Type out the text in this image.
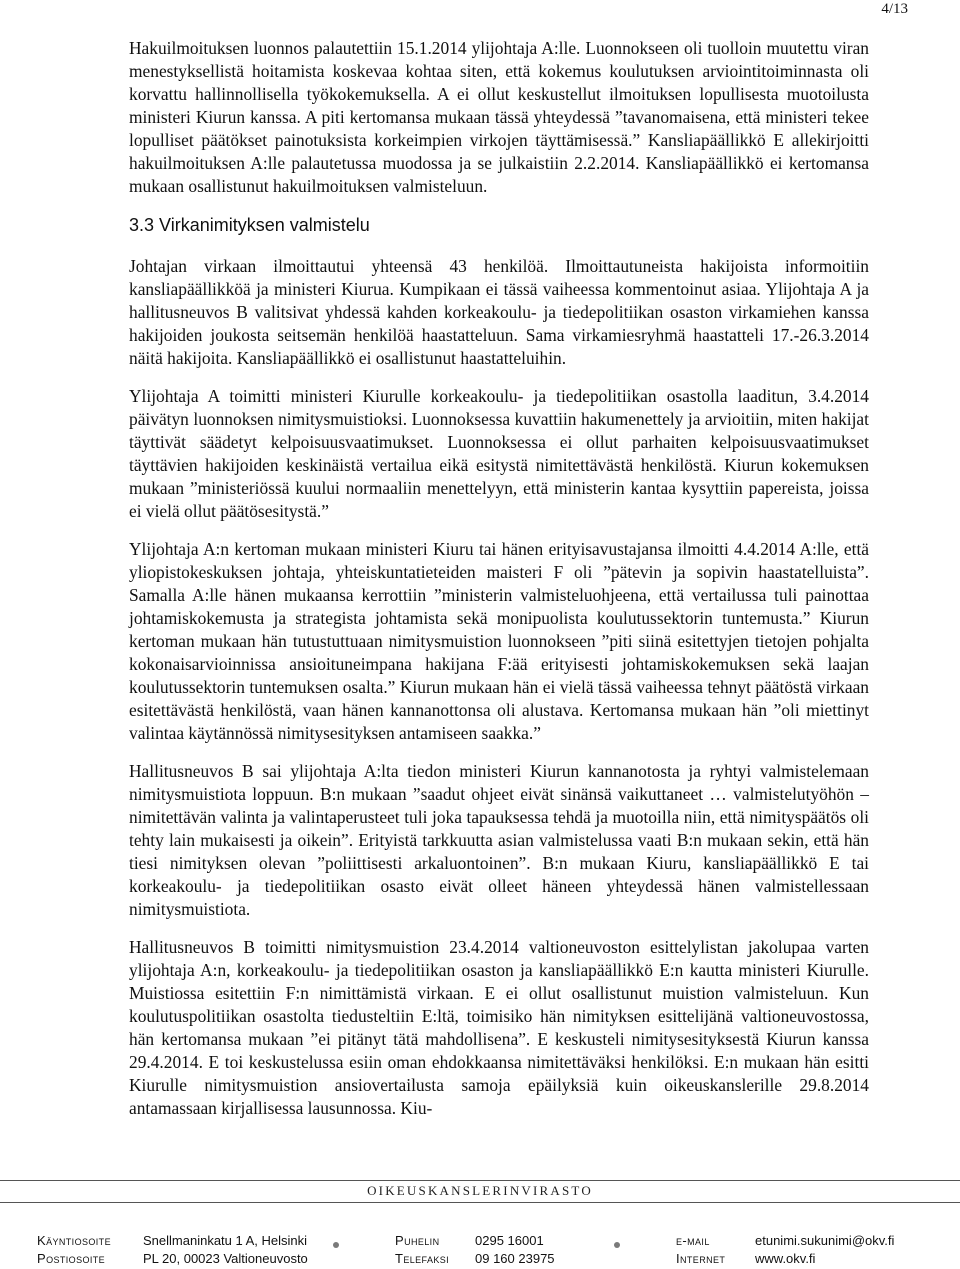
4/13

Hakuilmoituksen luonnos palautettiin 15.1.2014 ylijohtaja A:lle. Luonnokseen oli tuolloin muutettu viran menestyksellistä hoitamista koskevaa kohtaa siten, että kokemus koulutuksen arviointitoiminnasta oli korvattu hallinnollisella työkokemuksella. A ei ollut keskustellut ilmoituksen lopullisesta muotoilusta ministeri Kiurun kanssa. A piti kertomansa mukaan tässä yhteydessä ”tavanomaisena, että ministeri tekee lopulliset päätökset painotuksista korkeimpien virkojen täyttämisessä.” Kansliapäällikkö E allekirjoitti hakuilmoituksen A:lle palautetussa muodossa ja se julkaistiin 2.2.2014. Kansliapäällikkö ei kertomansa mukaan osallistunut hakuilmoituksen valmisteluun.

3.3 Virkanimityksen valmistelu

Johtajan virkaan ilmoittautui yhteensä 43 henkilöä. Ilmoittautuneista hakijoista informoitiin kansliapäällikköä ja ministeri Kiurua. Kumpikaan ei tässä vaiheessa kommentoinut asiaa. Ylijohtaja A ja hallitusneuvos B valitsivat yhdessä kahden korkeakoulu- ja tiedepolitiikan osaston virkamiehen kanssa hakijoiden joukosta seitsemän henkilöä haastatteluun. Sama virkamiesryhmä haastatteli 17.-26.3.2014 näitä hakijoita. Kansliapäällikkö ei osallistunut haastatteluihin.

Ylijohtaja A toimitti ministeri Kiurulle korkeakoulu- ja tiedepolitiikan osastolla laaditun, 3.4.2014 päivätyn luonnoksen nimitysmuistioksi. Luonnoksessa kuvattiin hakumenettely ja arvioitiin, miten hakijat täyttivät säädetyt kelpoisuusvaatimukset. Luonnoksessa ei ollut parhaiten kelpoisuusvaatimukset täyttävien hakijoiden keskinäistä vertailua eikä esitystä nimitettävästä henkilöstä. Kiurun kokemuksen mukaan ”ministeriössä kuului normaaliin menettelyyn, että ministerin kantaa kysyttiin papereista, joissa ei vielä ollut päätösesitystä.”

Ylijohtaja A:n kertoman mukaan ministeri Kiuru tai hänen erityisavustajansa ilmoitti 4.4.2014 A:lle, että yliopistokeskuksen johtaja, yhteiskuntatieteiden maisteri F oli ”pätevin ja sopivin haastatelluista”. Samalla A:lle hänen mukaansa kerrottiin ”ministerin valmisteluohjeena, että vertailussa tuli painottaa johtamiskokemusta ja strategista johtamista sekä monipuolista koulutussektorin tuntemusta.” Kiurun kertoman mukaan hän tutustuttuaan nimitysmuistion luonnokseen ”piti siinä esitettyjen tietojen pohjalta kokonaisarvioinnissa ansioituneimpana hakijana F:ää erityisesti johtamiskokemuksen sekä laajan koulutussektorin tuntemuksen osalta.” Kiurun mukaan hän ei vielä tässä vaiheessa tehnyt päätöstä virkaan esitettävästä henkilöstä, vaan hänen kannanottonsa oli alustava. Kertomansa mukaan hän ”oli miettinyt valintaa käytännössä nimitysesityksen antamiseen saakka.”

Hallitusneuvos B sai ylijohtaja A:lta tiedon ministeri Kiurun kannanotosta ja ryhtyi valmistelemaan nimitysmuistiota loppuun. B:n mukaan ”saadut ohjeet eivät sinänsä vaikuttaneet … valmistelutyöhön – nimitettävän valinta ja valintaperusteet tuli joka tapauksessa tehdä ja muotoilla niin, että nimityspäätös oli tehty lain mukaisesti ja oikein”. Erityistä tarkkuutta asian valmistelussa vaati B:n mukaan sekin, että hän tiesi nimityksen olevan ”poliittisesti arkaluontoinen”. B:n mukaan Kiuru, kansliapäällikkö E tai korkeakoulu- ja tiedepolitiikan osasto eivät olleet häneen yhteydessä hänen valmistellessaan nimitysmuistiota.

Hallitusneuvos B toimitti nimitysmuistion 23.4.2014 valtioneuvoston esittelylistan jakolupaa varten ylijohtaja A:n, korkeakoulu- ja tiedepolitiikan osaston ja kansliapäällikkö E:n kautta ministeri Kiurulle. Muistiossa esitettiin F:n nimittämistä virkaan. E ei ollut osallistunut muistion valmisteluun. Kun koulutuspolitiikan osastolta tiedusteltiin E:ltä, toimisiko hän nimityksen esittelijänä valtioneuvostossa, hän kertomansa mukaan ”ei pitänyt tätä mahdollisena”. E keskusteli nimitysesityksestä Kiurun kanssa 29.4.2014. E toi keskustelussa esiin oman ehdokkaansa nimitettäväksi henkilöksi. E:n mukaan hän esitti Kiurulle nimitysmuistion ansiovertailusta samoja epäilyksiä kuin oikeuskanslerille 29.8.2014 antamassaan kirjallisessa lausunnossa. Kiu-

OIKEUSKANSLERINVIRASTO
Käyntiosoite Snellmaninkatu 1 A, Helsinki	Puhelin	0295 16001	e-mail	etunimi.sukunimi@okv.fi
Postiosoite	PL 20, 00023 Valtioneuvosto	Telefaksi 09 160 23975	Internet www.okv.fi
